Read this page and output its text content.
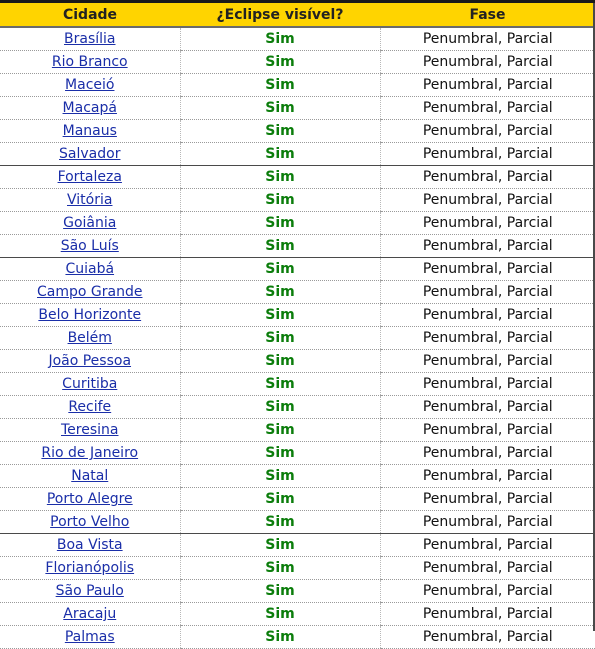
Cidade	¿Eclipse visível?	Fase
Brasília	Sim	Penumbral, Parcial
Rio Branco	Sim	Penumbral, Parcial
Maceió	Sim	Penumbral, Parcial
Macapá	Sim	Penumbral, Parcial
Manaus	Sim	Penumbral, Parcial
Salvador	Sim	Penumbral, Parcial
Fortaleza	Sim	Penumbral, Parcial
Vitória	Sim	Penumbral, Parcial
Goiânia	Sim	Penumbral, Parcial
São Luís	Sim	Penumbral, Parcial
Cuiabá	Sim	Penumbral, Parcial
Campo Grande	Sim	Penumbral, Parcial
Belo Horizonte	Sim	Penumbral, Parcial
Belém	Sim	Penumbral, Parcial
João Pessoa	Sim	Penumbral, Parcial
Curitiba	Sim	Penumbral, Parcial
Recife	Sim	Penumbral, Parcial
Teresina	Sim	Penumbral, Parcial
Rio de Janeiro	Sim	Penumbral, Parcial
Natal	Sim	Penumbral, Parcial
Porto Alegre	Sim	Penumbral, Parcial
Porto Velho	Sim	Penumbral, Parcial
Boa Vista	Sim	Penumbral, Parcial
Florianópolis	Sim	Penumbral, Parcial
São Paulo	Sim	Penumbral, Parcial
Aracaju	Sim	Penumbral, Parcial
Palmas	Sim	Penumbral, Parcial
